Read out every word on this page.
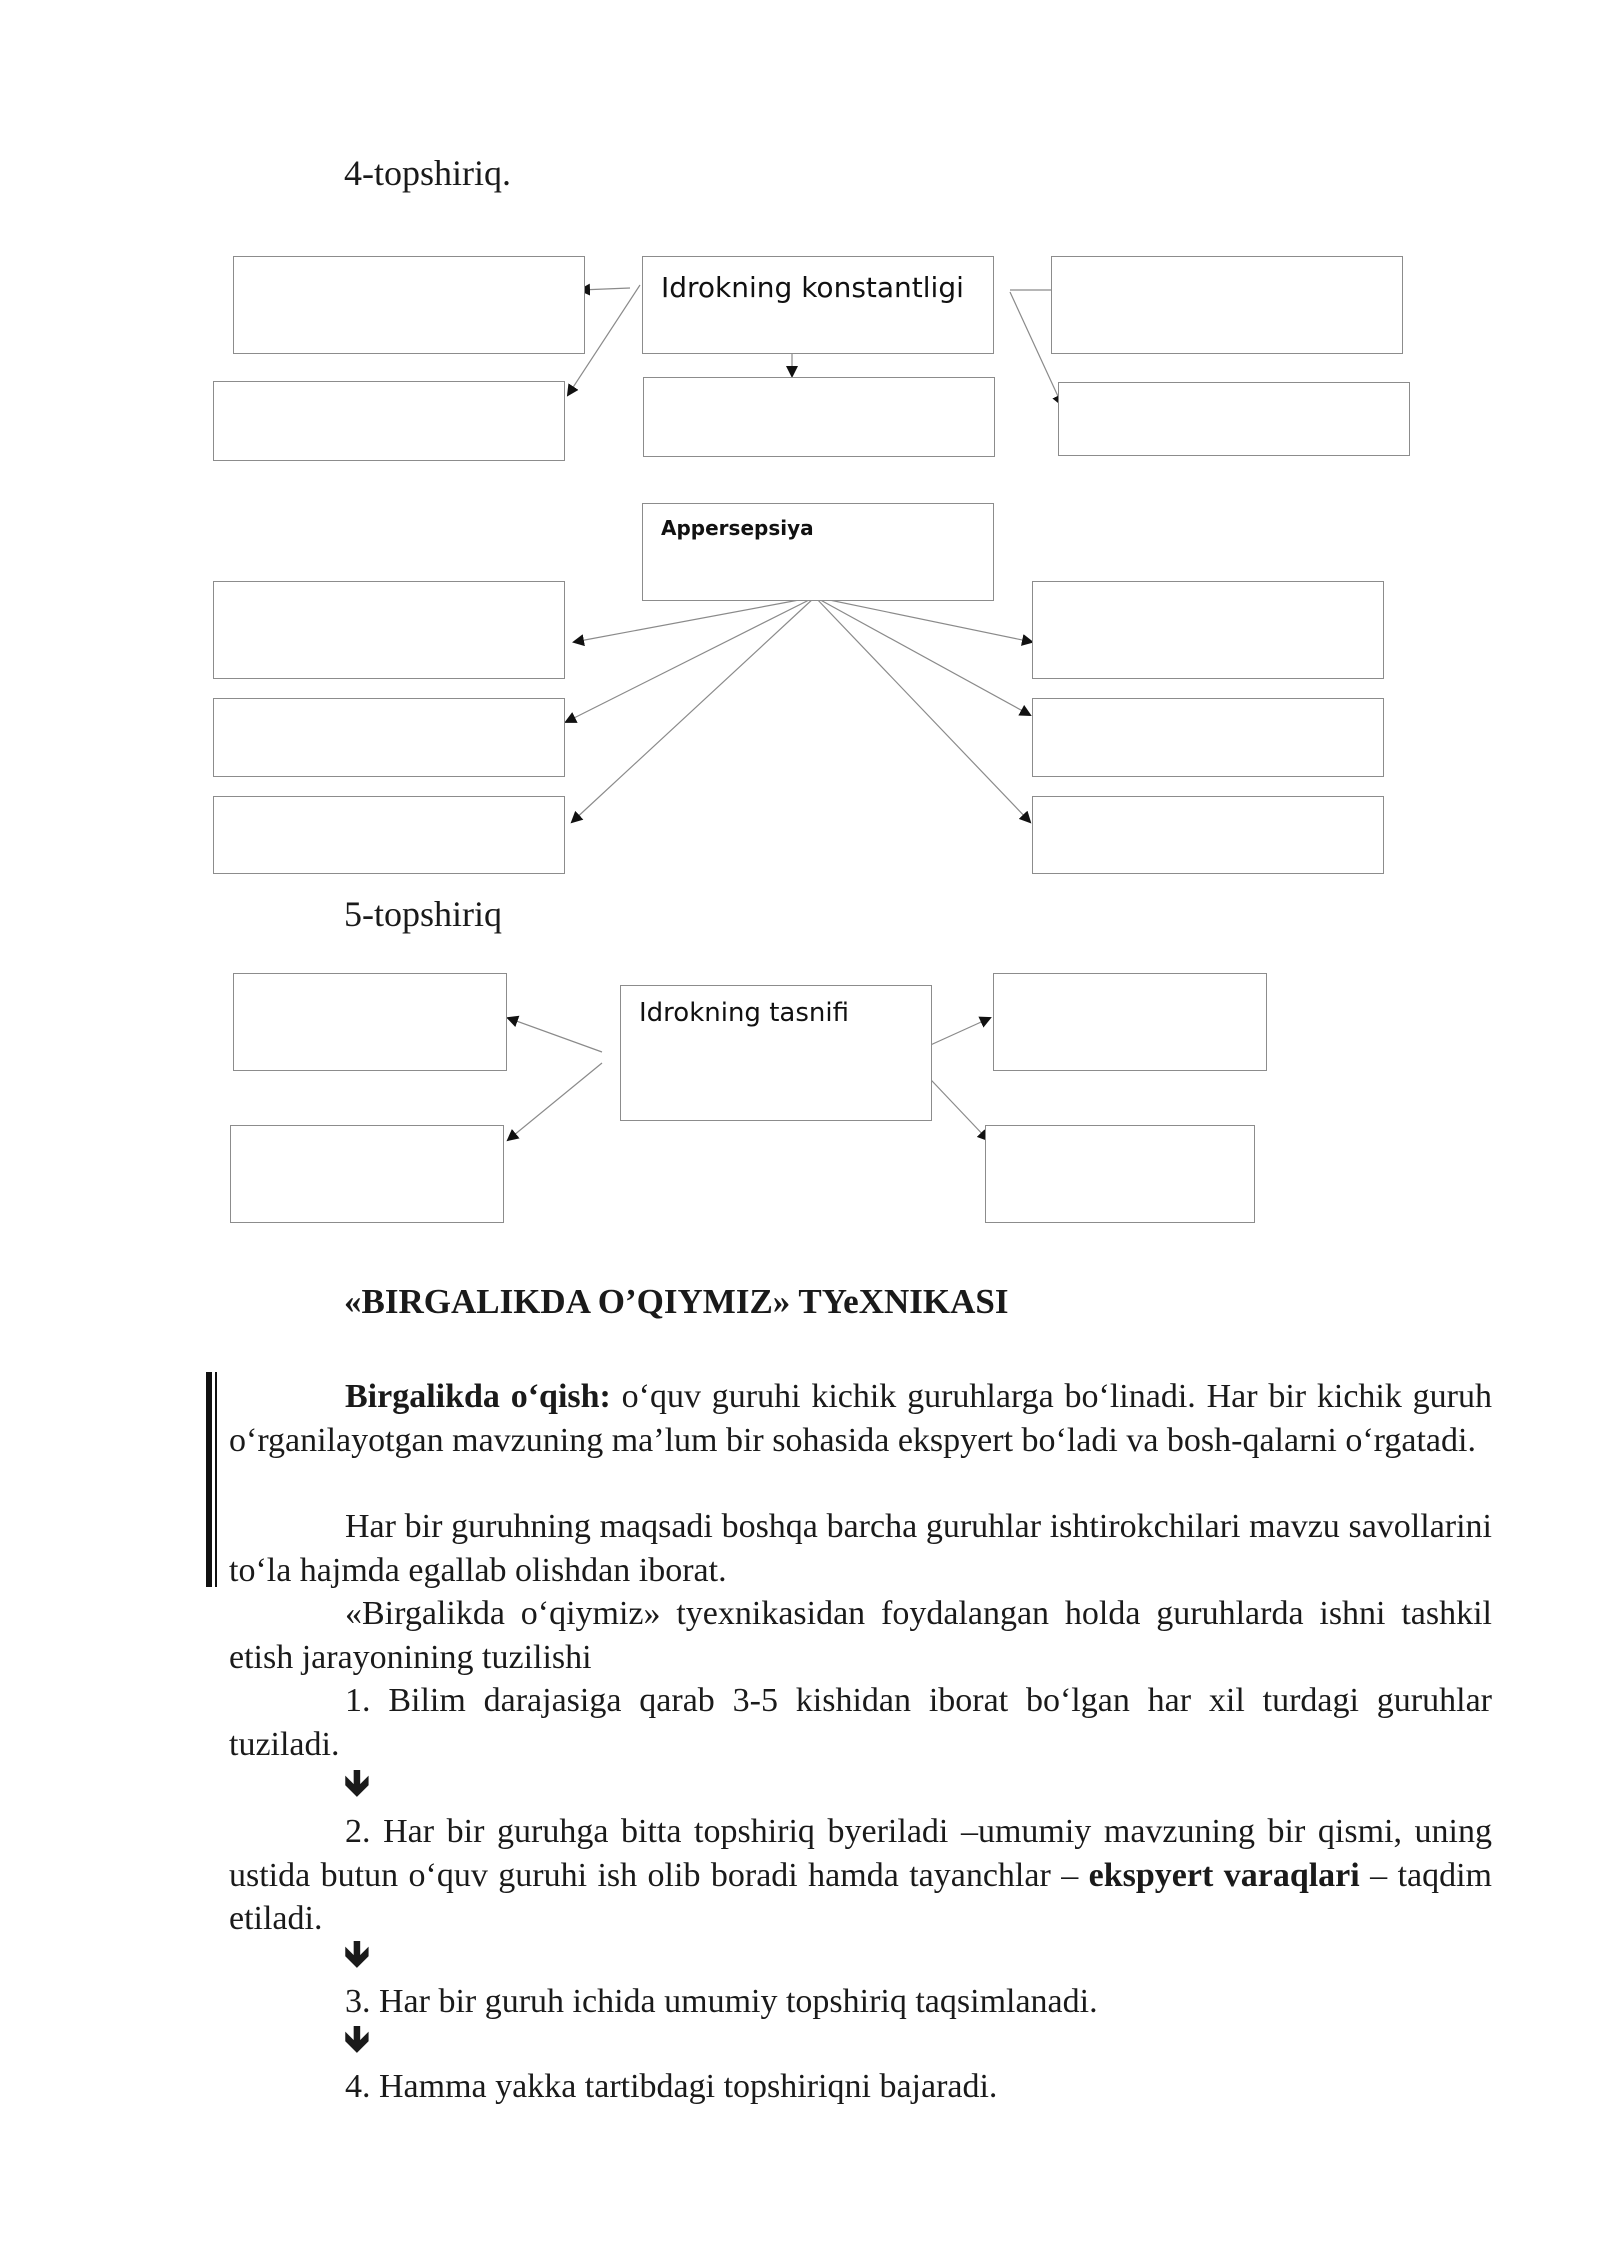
4-topshiriq.
Idrokning konstantligi
Appersepsiya
5-topshiriq
Idrokning tasnifi
«BIRGALIKDA O’QIYMIZ» TYeXNIKASI
Birgalikda o‘qish: o‘quv guruhi kichik guruhlarga bo‘linadi. Har bir kichik guruh o‘rganilayotgan mavzuning ma’lum bir sohasida ekspyert bo‘ladi va bosh-qalarni o‘rgatadi.
Har bir guruhning maqsadi boshqa barcha guruhlar ishtirokchilari mavzu savollarini to‘la hajmda egallab olishdan iborat.
«Birgalikda o‘qiymiz» tyexnikasidan foydalangan holda guruhlarda ishni tashkil etish jarayonining tuzilishi
1. Bilim darajasiga qarab 3-5 kishidan iborat bo‘lgan har xil turdagi guruhlar tuziladi.
🡻
2. Har bir guruhga bitta topshiriq byeriladi –umumiy mavzuning bir qismi, uning ustida butun o‘quv guruhi ish olib boradi hamda tayanchlar – ekspyert varaqlari – taqdim etiladi.
🡻
3. Har bir guruh ichida umumiy topshiriq taqsimlanadi.
🡻
4. Hamma yakka tartibdagi topshiriqni bajaradi.
